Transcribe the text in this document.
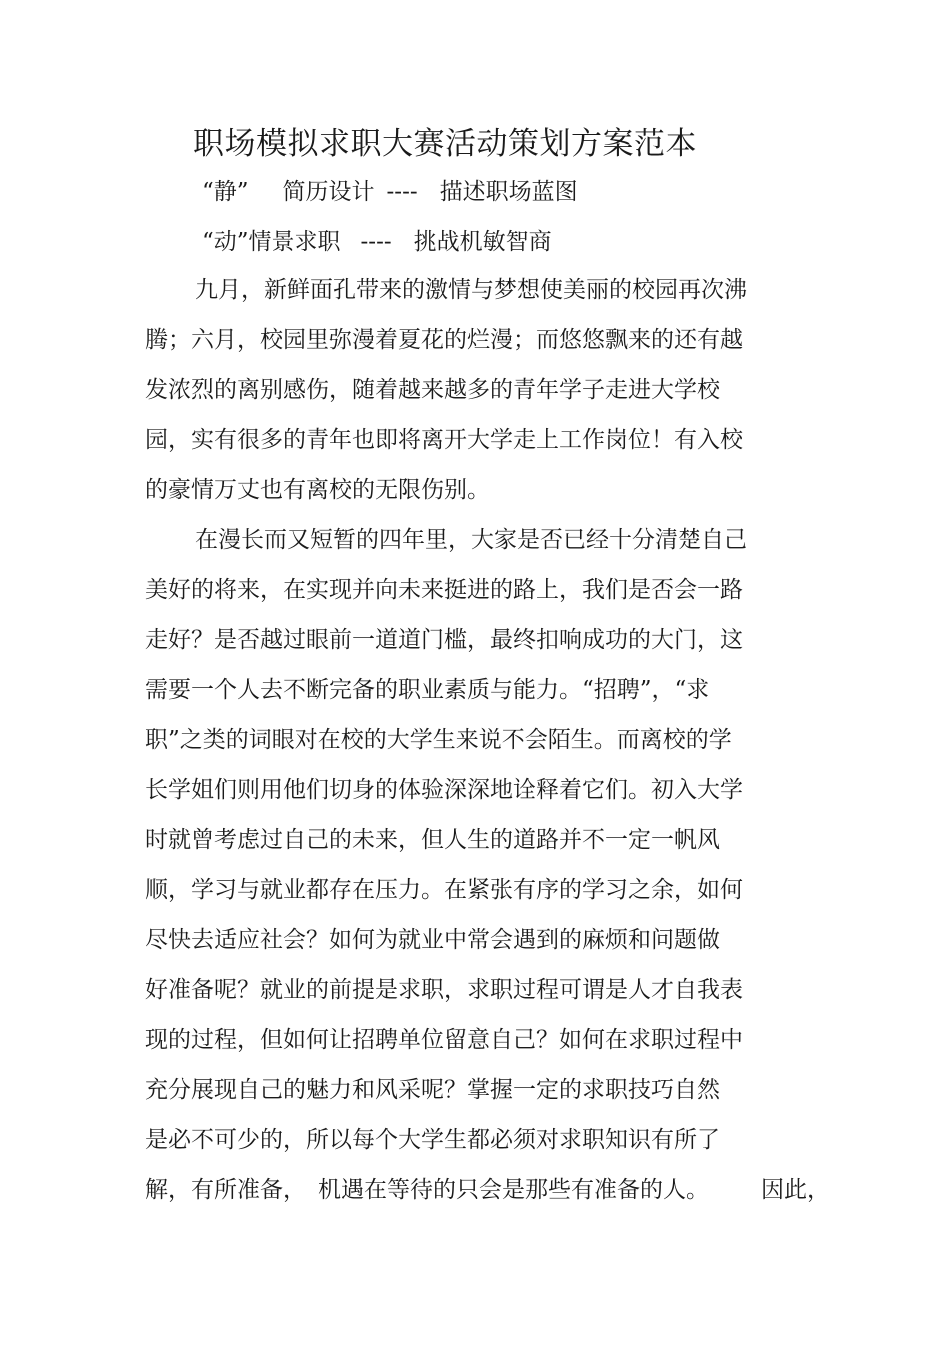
职场模拟求职大赛活动策划方案范本
“静” 简历设计 ---- 描述职场蓝图
“动”情景求职 ---- 挑战机敏智商
九月，新鲜面孔带来的激情与梦想使美丽的校园再次沸
腾；六月，校园里弥漫着夏花的烂漫；而悠悠飘来的还有越
发浓烈的离别感伤，随着越来越多的青年学子走进大学校
园，实有很多的青年也即将离开大学走上工作岗位！有入校
的豪情万丈也有离校的无限伤别。
在漫长而又短暂的四年里，大家是否已经十分清楚自己
美好的将来，在实现并向未来挺进的路上，我们是否会一路
走好？是否越过眼前一道道门槛，最终扣响成功的大门，这
需要一个人去不断完备的职业素质与能力。“招聘”，“求
职”之类的词眼对在校的大学生来说不会陌生。而离校的学
长学姐们则用他们切身的体验深深地诠释着它们。初入大学
时就曾考虑过自己的未来，但人生的道路并不一定一帆风
顺，学习与就业都存在压力。在紧张有序的学习之余，如何
尽快去适应社会？如何为就业中常会遇到的麻烦和问题做
好准备呢？就业的前提是求职，求职过程可谓是人才自我表
现的过程，但如何让招聘单位留意自己？如何在求职过程中
充分展现自己的魅力和风采呢？掌握一定的求职技巧自然
是必不可少的，所以每个大学生都必须对求职知识有所了
解，有所准备， 机遇在等待的只会是那些有准备的人。 因此，
